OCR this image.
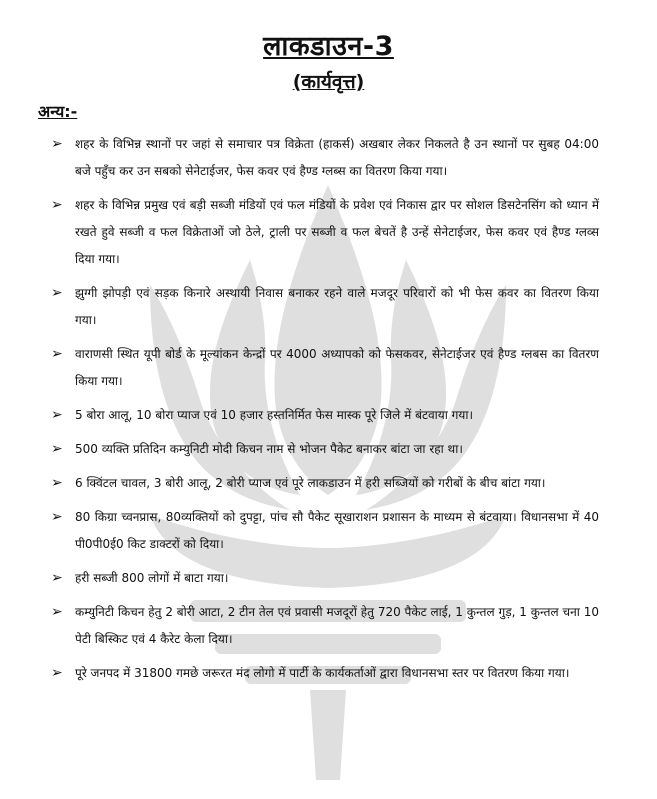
लाकडाउन-3
(कार्यवृत्त)
अन्य:-
➢ शहर के विभिन्न स्थानों पर जहां से समाचार पत्र विक्रेता (हाकर्स) अखबार लेकर निकलते है उन स्थानों पर सुबह 04:00 बजे पहुँच कर उन सबको सेनेटाईजर, फेस कवर एवं हैण्ड ग्लब्स का वितरण किया गया।
➢ शहर के विभिन्न प्रमुख एवं बड़ी सब्जी मंडियों एवं फल मंडियों के प्रवेश एवं निकास द्वार पर सोशल डिसटेनसिंग को ध्यान में रखते हुवे सब्जी व फल विक्रेताओं जो ठेले, ट्राली पर सब्जी व फल बेचतें है उन्हें सेनेटाईजर, फेस कवर एवं हैण्ड ग्लव्स दिया गया।
➢ झुग्गी झोपड़ी एवं सड़क किनारे अस्थायी निवास बनाकर रहने वाले मजदूर परिवारों को भी फेस कवर का वितरण किया गया।
➢ वाराणसी स्थित यूपी बोर्ड के मूल्यांकन केन्द्रों पर 4000 अध्यापको को फेसकवर, सेनेटाईजर एवं हैण्ड ग्लबस का वितरण किया गया।
➢ 5 बोरा आलू, 10 बोरा प्याज एवं 10 हजार हस्तनिर्मित फेस मास्क पूरे जिले में बंटवाया गया।
➢ 500 व्यक्ति प्रतिदिन कम्युनिटी मोदी किचन नाम से भोजन पैकेट बनाकर बांटा जा रहा था।
➢ 6 क्विंटल चावल, 3 बोरी आलू, 2 बोरी प्याज एवं पूरे लाकडाउन में हरी सब्जियों को गरीबों के बीच बांटा गया।
➢ 80 किग्रा च्वनप्रास, 80व्यक्तियों को दुपट्टा, पांच सौ पैकेट सूखाराशन प्रशासन के माध्यम से बंटवाया। विधानसभा में 40 पी0पी0ई0 किट डाक्टरों को दिया।
➢ हरी सब्जी 800 लोगों में बाटा गया।
➢ कम्युनिटी किचन हेतु 2 बोरी आटा, 2 टीन तेल एवं प्रवासी मजदूरों हेतु 720 पैकेट लाई, 1 कुन्तल गुड़, 1 कुन्तल चना 10 पेटी बिस्किट एवं 4 कैरेट केला दिया।
➢ पूरे जनपद में 31800 गमछे जरूरत मंद लोगो में पार्टी के कार्यकर्ताओं द्वारा विधानसभा स्तर पर वितरण किया गया।
